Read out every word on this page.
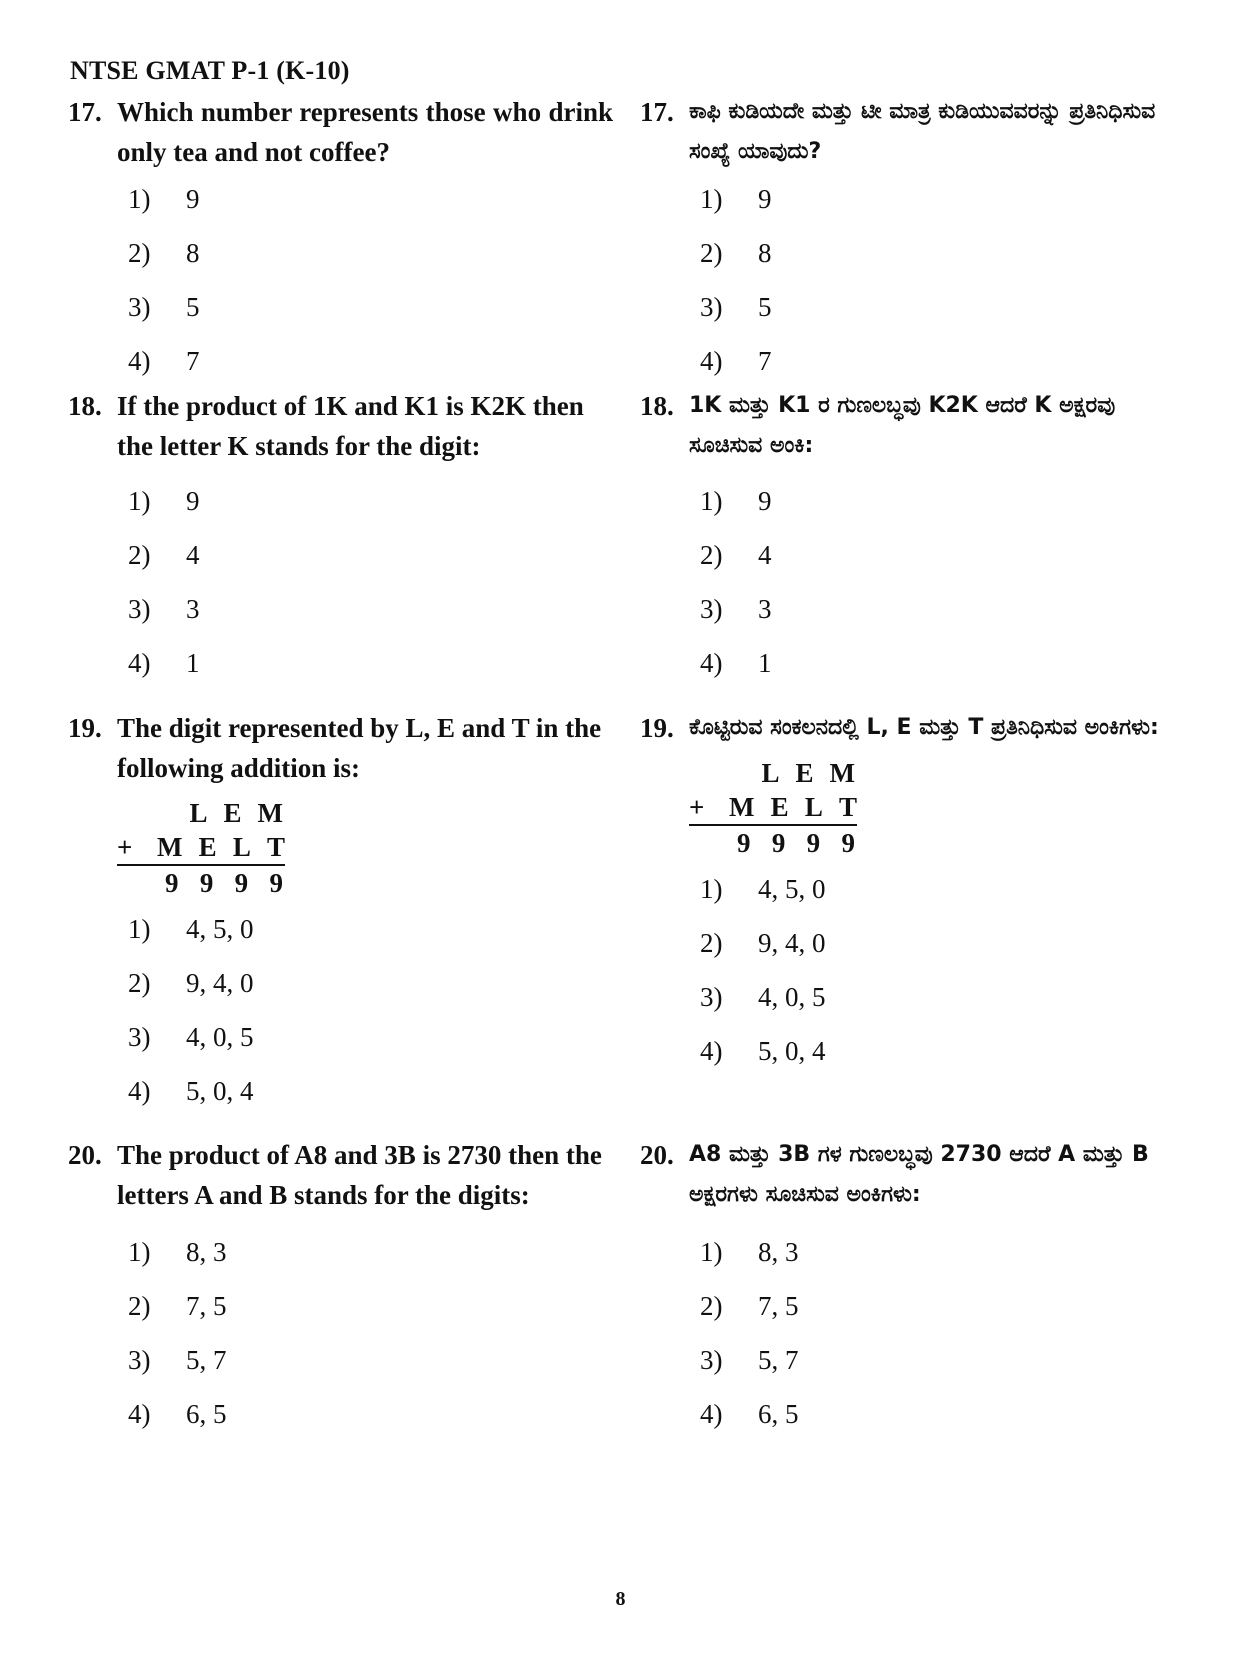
NTSE GMAT P-1 (K-10)
17. Which number represents those who drink only tea and not coffee?
1)	9
2)	8
3)	5
4)	7
18. If the product of 1K and K1 is K2K then the letter K stands for the digit:
1)	9
2)	4
3)	3
4)	1
19. The digit represented by L, E and T in the following addition is:
L E M
+ M E L T
9 9 9 9
1)	4, 5, 0
2)	9, 4, 0
3)	4, 0, 5
4)	5, 0, 4
20. The product of A8 and 3B is 2730 then the letters A and B stands for the digits:
1)	8, 3
2)	7, 5
3)	5, 7
4)	6, 5
17. ಕಾಫಿ ಕುಡಿಯದೇ ಮತ್ತು ಟೀ ಮಾತ್ರ ಕುಡಿಯುವವರನ್ನು ಪ್ರತಿನಿಧಿಸುವ ಸಂಖ್ಯೆ ಯಾವುದು?
1)	9
2)	8
3)	5
4)	7
18. 1K ಮತ್ತು K1 ರ ಗುಣಲಬ್ಧವು K2K ಆದರೆ K ಅಕ್ಷರವು ಸೂಚಿಸುವ ಅಂಕಿ:
1)	9
2)	4
3)	3
4)	1
19. ಕೊಟ್ಟಿರುವ ಸಂಕಲನದಲ್ಲಿ L, E ಮತ್ತು T ಪ್ರತಿನಿಧಿಸುವ ಅಂಕಿಗಳು:
L E M
+ M E L T
9 9 9 9
1)	4, 5, 0
2)	9, 4, 0
3)	4, 0, 5
4)	5, 0, 4
20. A8 ಮತ್ತು 3B ಗಳ ಗುಣಲಬ್ಧವು 2730 ಆದರೆ A ಮತ್ತು B ಅಕ್ಷರಗಳು ಸೂಚಿಸುವ ಅಂಕಿಗಳು:
1)	8, 3
2)	7, 5
3)	5, 7
4)	6, 5
8
